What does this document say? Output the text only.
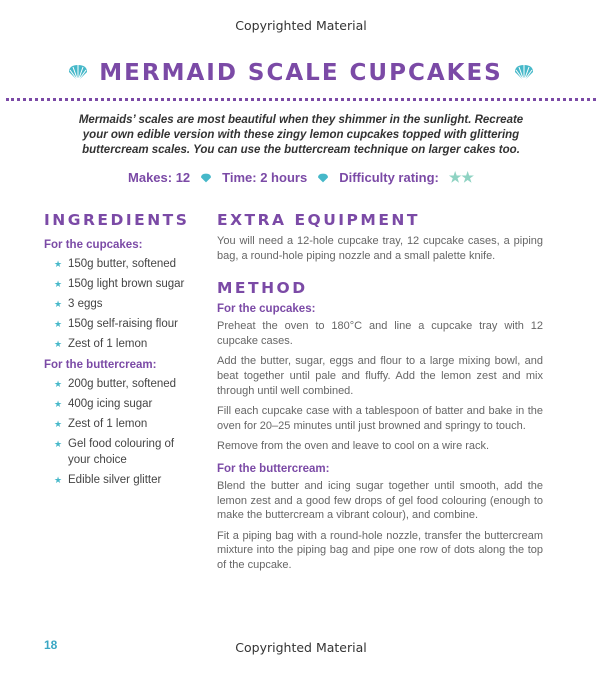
Copyrighted Material
MERMAID SCALE CUPCAKES
Mermaids’ scales are most beautiful when they shimmer in the sunlight. Recreate your own edible version with these zingy lemon cupcakes topped with glittering buttercream scales. You can use the buttercream technique on larger cakes too.
Makes: 12 Time: 2 hours Difficulty rating: ★★
INGREDIENTS
For the cupcakes:
★ 150g butter, softened
★ 150g light brown sugar
★ 3 eggs
★ 150g self-raising flour
★ Zest of 1 lemon
For the buttercream:
★ 200g butter, softened
★ 400g icing sugar
★ Zest of 1 lemon
★ Gel food colouring of your choice
★ Edible silver glitter
EXTRA EQUIPMENT

You will need a 12-hole cupcake tray, 12 cupcake cases, a piping bag, a round-hole piping nozzle and a small palette knife.

METHOD
For the cupcakes:

Preheat the oven to 180°C and line a cupcake tray with 12 cupcake cases.

Add the butter, sugar, eggs and flour to a large mixing bowl, and beat together until pale and fluffy. Add the lemon zest and mix through until well combined.

Fill each cupcake case with a tablespoon of batter and bake in the oven for 20–25 minutes until just browned and springy to touch.

Remove from the oven and leave to cool on a wire rack.

For the buttercream:

Blend the butter and icing sugar together until smooth, add the lemon zest and a good few drops of gel food colouring (enough to make the buttercream a vibrant colour), and combine.

Fit a piping bag with a round-hole nozzle, transfer the buttercream mixture into the piping bag and pipe one row of dots along the top of the cupcake.

18	Copyrighted Material
